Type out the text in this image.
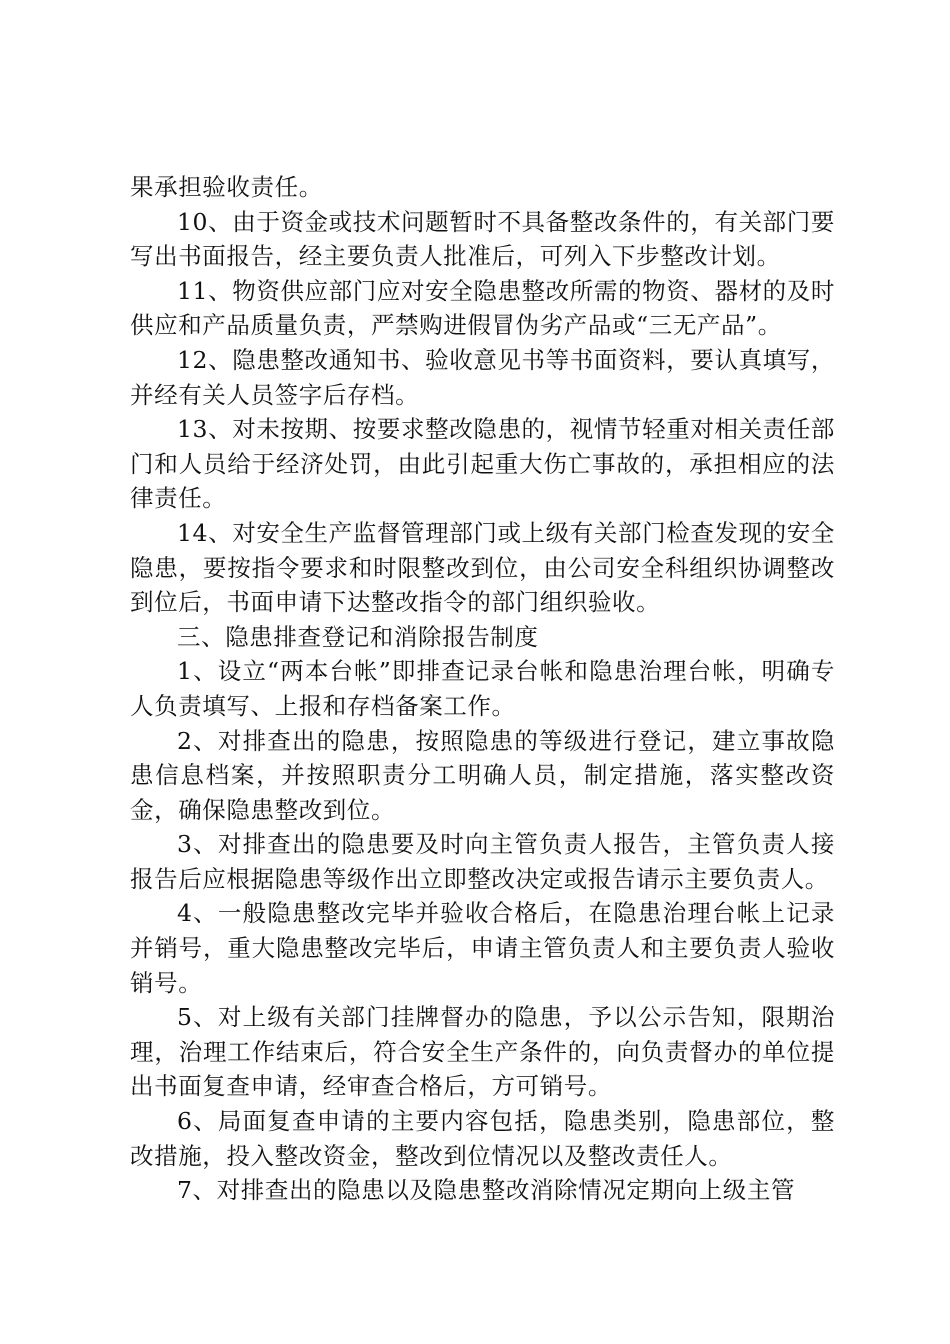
果承担验收责任。

10、由于资金或技术问题暂时不具备整改条件的，有关部门要写出书面报告，经主要负责人批准后，可列入下步整改计划。

11、物资供应部门应对安全隐患整改所需的物资、器材的及时供应和产品质量负责，严禁购进假冒伪劣产品或“三无产品”。

12、隐患整改通知书、验收意见书等书面资料，要认真填写，并经有关人员签字后存档。

13、对未按期、按要求整改隐患的，视情节轻重对相关责任部门和人员给于经济处罚，由此引起重大伤亡事故的，承担相应的法律责任。

14、对安全生产监督管理部门或上级有关部门检查发现的安全隐患，要按指令要求和时限整改到位，由公司安全科组织协调整改到位后，书面申请下达整改指令的部门组织验收。

三、隐患排查登记和消除报告制度

1、设立“两本台帐”即排查记录台帐和隐患治理台帐，明确专人负责填写、上报和存档备案工作。

2、对排查出的隐患，按照隐患的等级进行登记，建立事故隐患信息档案，并按照职责分工明确人员，制定措施，落实整改资金，确保隐患整改到位。

3、对排查出的隐患要及时向主管负责人报告，主管负责人接报告后应根据隐患等级作出立即整改决定或报告请示主要负责人。

4、一般隐患整改完毕并验收合格后，在隐患治理台帐上记录并销号，重大隐患整改完毕后，申请主管负责人和主要负责人验收销号。

5、对上级有关部门挂牌督办的隐患，予以公示告知，限期治理，治理工作结束后，符合安全生产条件的，向负责督办的单位提出书面复查申请，经审查合格后，方可销号。

6、局面复查申请的主要内容包括，隐患类别，隐患部位，整改措施，投入整改资金，整改到位情况以及整改责任人。

7、对排查出的隐患以及隐患整改消除情况定期向上级主管
